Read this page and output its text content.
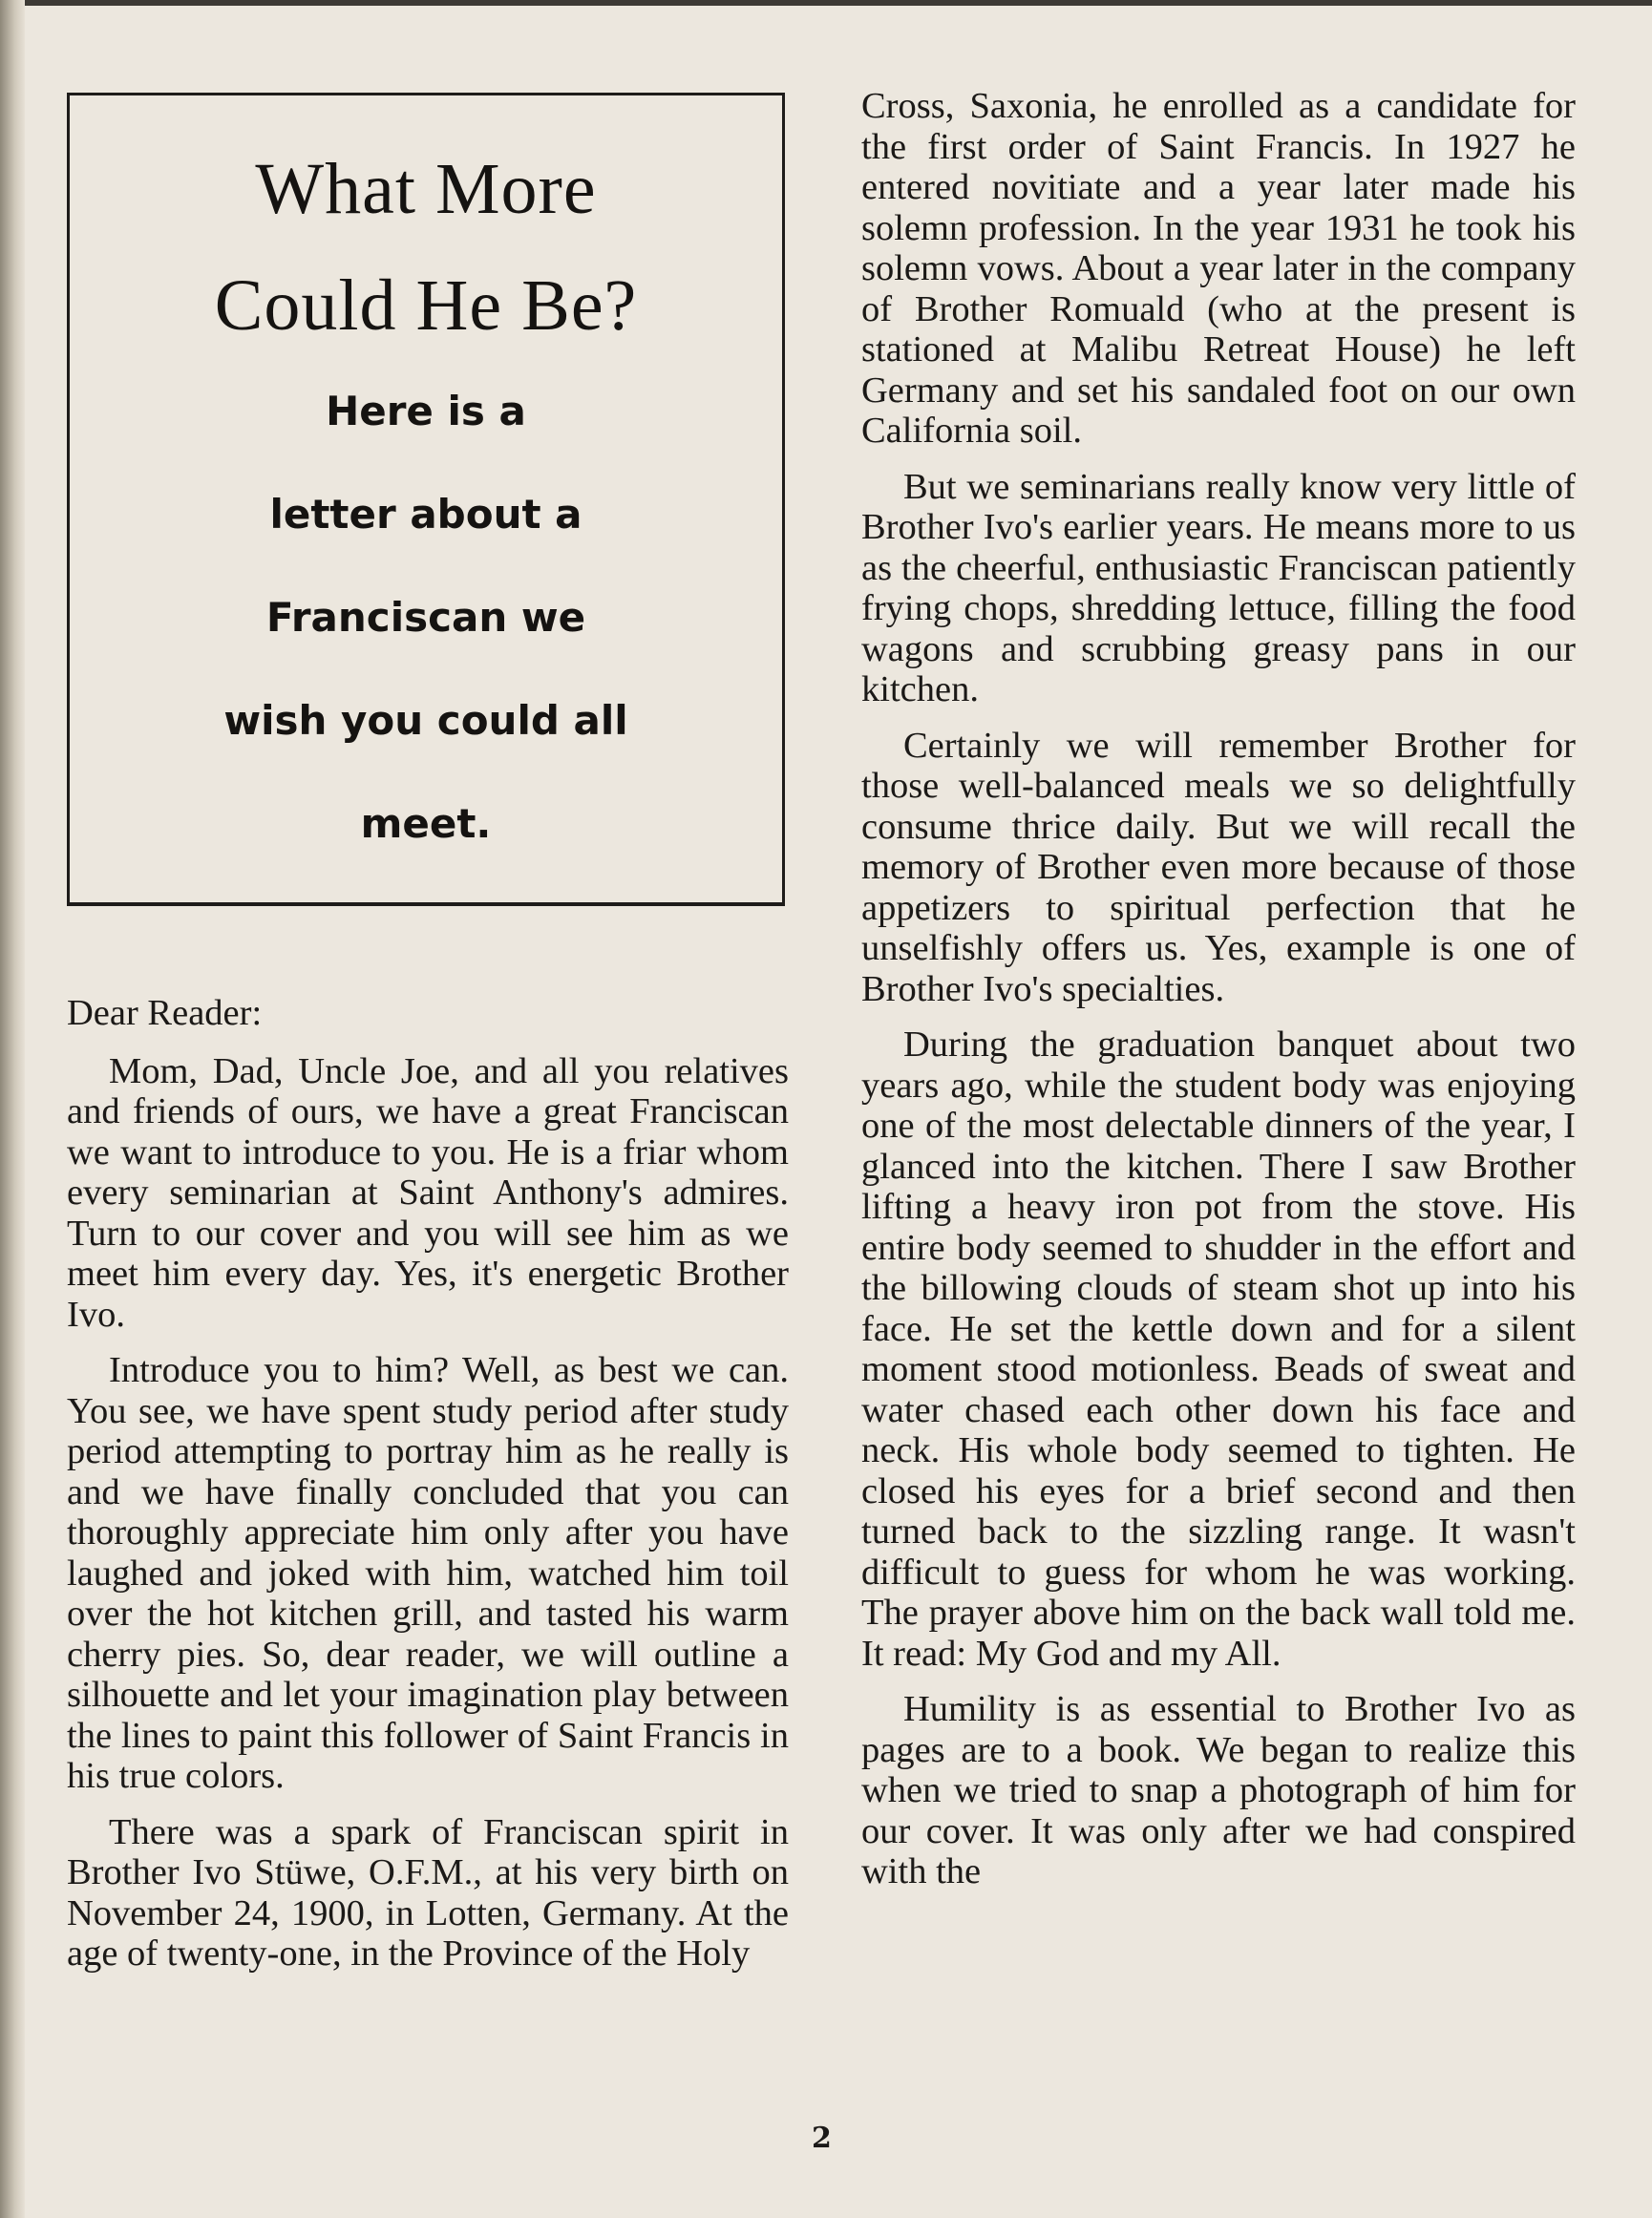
What More
Could He Be?
Here is a
letter about a
Franciscan we
wish you could all
meet.

Dear Reader:

Mom, Dad, Uncle Joe, and all you relatives and friends of ours, we have a great Franciscan we want to introduce to you. He is a friar whom every seminarian at Saint Anthony's admires. Turn to our cover and you will see him as we meet him every day. Yes, it's energetic Brother Ivo.

Introduce you to him? Well, as best we can. You see, we have spent study period after study period attempting to portray him as he really is and we have finally concluded that you can thoroughly appreciate him only after you have laughed and joked with him, watched him toil over the hot kitchen grill, and tasted his warm cherry pies. So, dear reader, we will outline a silhouette and let your imagination play between the lines to paint this follower of Saint Francis in his true colors.

There was a spark of Franciscan spirit in Brother Ivo Stüwe, O.F.M., at his very birth on November 24, 1900, in Lotten, Germany. At the age of twenty-one, in the Province of the Holy

Cross, Saxonia, he enrolled as a candidate for the first order of Saint Francis. In 1927 he entered novitiate and a year later made his solemn profession. In the year 1931 he took his solemn vows. About a year later in the company of Brother Romuald (who at the present is stationed at Malibu Retreat House) he left Germany and set his sandaled foot on our own California soil.

But we seminarians really know very little of Brother Ivo's earlier years. He means more to us as the cheerful, enthusiastic Franciscan patiently frying chops, shredding lettuce, filling the food wagons and scrubbing greasy pans in our kitchen.

Certainly we will remember Brother for those well-balanced meals we so delightfully consume thrice daily. But we will recall the memory of Brother even more because of those appetizers to spiritual perfection that he unselfishly offers us. Yes, example is one of Brother Ivo's specialties.

During the graduation banquet about two years ago, while the student body was enjoying one of the most delectable dinners of the year, I glanced into the kitchen. There I saw Brother lifting a heavy iron pot from the stove. His entire body seemed to shudder in the effort and the billowing clouds of steam shot up into his face. He set the kettle down and for a silent moment stood motionless. Beads of sweat and water chased each other down his face and neck. His whole body seemed to tighten. He closed his eyes for a brief second and then turned back to the sizzling range. It wasn't difficult to guess for whom he was working. The prayer above him on the back wall told me. It read: My God and my All.

Humility is as essential to Brother Ivo as pages are to a book. We began to realize this when we tried to snap a photograph of him for our cover. It was only after we had conspired with the

2
